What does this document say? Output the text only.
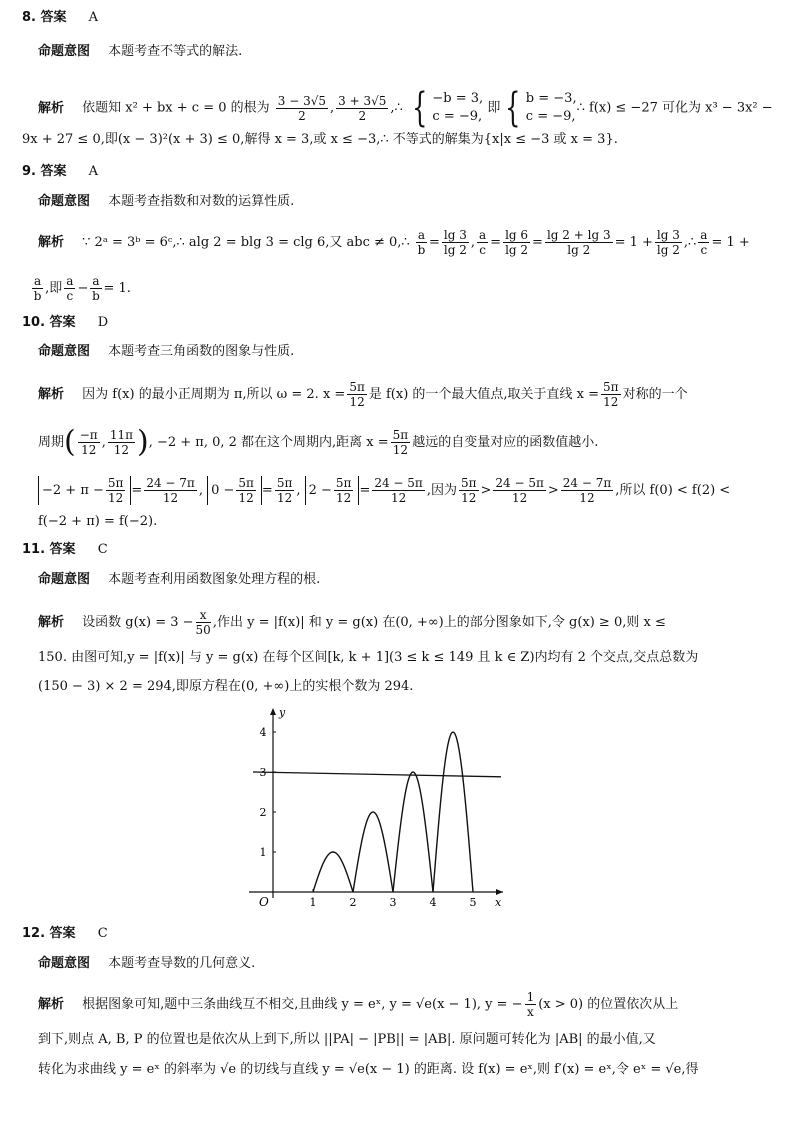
8. 答案 A
命题意图 本题考查不等式的解法.
解析 依题知 x² + bx + c = 0 的根为 $\frac{3 - 3√5}{2}$ , $\frac{3 + 3√5}{2}$ ,∴ { −b = 3,
c = −9,
即 { b = −3,
c = −9,
∴ f(x) ≤ −27 可化为 x³ − 3x² −
9x + 27 ≤ 0,即(x − 3)²(x + 3) ≤ 0,解得 x = 3,或 x ≤ −3,∴ 不等式的解集为{x|x ≤ −3 或 x = 3}.
9. 答案 A
命题意图 本题考查指数和对数的运算性质.
解析 ∵ 2ᵃ = 3ᵇ = 6ᶜ,∴ alg 2 = blg 3 = clg 6,又 abc ≠ 0,∴ $\frac{a}{b} = \frac{\lg 3}{\lg 2}$ , $\frac{a}{c} = \frac{\lg 6}{\lg 2} = \frac{\lg 2 + \lg 3}{\lg 2} = 1 + \frac{\lg 3}{\lg 2}$ ,∴ $\frac{a}{c} = 1$ +
$\frac{a}{b}$ ,即 $\frac{a}{c} - \frac{a}{b} = 1$.
10. 答案 D
命题意图 本题考查三角函数的图象与性质.
解析 因为 f(x) 的最小正周期为 π,所以 ω = 2. $x = \frac{5\pi}{12}$ 是 f(x) 的一个最大值点,取关于直线 $x = \frac{5\pi}{12}$ 对称的一个
周期( $\frac{-\pi}{12}$ , $\frac{11\pi}{12}$ ), −2 + π, 0, 2 都在这个周期内,距离 $x = \frac{5\pi}{12}$ 越远的自变量对应的函数值越小.
$-2 + \pi - \frac{5\pi}{12} = \frac{24 - 7\pi}{12}$ , $0 - \frac{5\pi}{12} = \frac{5\pi}{12}$ , $2 - \frac{5\pi}{12} = \frac{24 - 5\pi}{12}$ ,因为 $\frac{5\pi}{12} > \frac{24 - 5\pi}{12} > \frac{24 - 7\pi}{12}$ ,所以 f(0) < f(2) <
f(−2 + π) = f(−2).
11. 答案 C
命题意图 本题考查利用函数图象处理方程的根.
解析 设函数 $g(x) = 3 - \frac{x}{50}$ ,作出 y = |f(x)| 和 y = g(x) 在(0, +∞)上的部分图象如下,令 g(x) ≥ 0,则 x ≤
150. 由图可知,y = |f(x)| 与 y = g(x) 在每个区间[k, k + 1](3 ≤ k ≤ 149 且 k ∈ Z)内均有 2 个交点,交点总数为
(150 − 3) × 2 = 294,即原方程在(0, +∞)上的实根个数为 294.
1	2	3	4	5
1
2
3
4
x
y
O
12. 答案 C
命题意图 本题考查导数的几何意义.
解析 根据图象可知,题中三条曲线互不相交,且曲线 y = eˣ, y = √e(x − 1), y = − $\frac{1}{x} (x > 0)$ 的位置依次从上
到下,则点 A, B, P 的位置也是依次从上到下,所以 ||PA| − |PB|| = |AB|. 原问题可转化为 |AB| 的最小值,又
转化为求曲线 y = eˣ 的斜率为 √e 的切线与直线 y = √e(x − 1) 的距离. 设 f(x) = eˣ,则 f′(x) = eˣ,令 eˣ = √e,得
